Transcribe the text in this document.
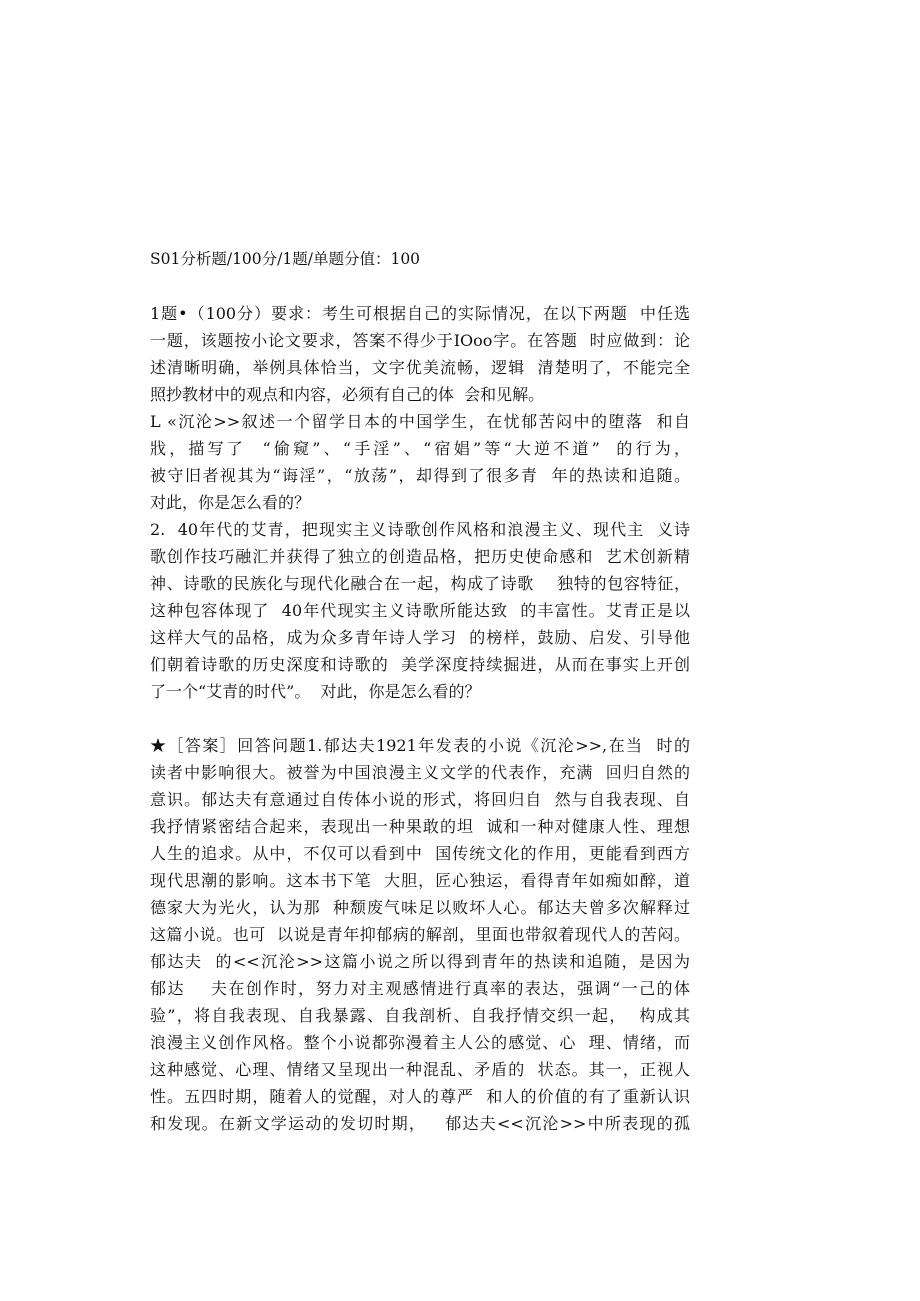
S01分析题/100分/1题/单题分值：100
1题•（100分）要求：考生可根据自己的实际情况，在以下两题  中任选
一题，该题按小论文要求，答案不得少于IOoo字。在答题  时应做到：论
述清晰明确，举例具体恰当，文字优美流畅，逻辑  清楚明了，不能完全
照抄教材中的观点和内容，必须有自己的体  会和见解。
L «沉沦>>叙述一个留学日本的中国学生，在忧郁苦闷中的堕落  和自
戕，描写了  “偷窥”、“手淫”、“宿娼”等“大逆不道”  的行为，
被守旧者视其为“诲淫”，“放荡”，却得到了很多青  年的热读和追随。
对此，你是怎么看的？
2.  40年代的艾青，把现实主义诗歌创作风格和浪漫主义、现代主  义诗
歌创作技巧融汇并获得了独立的创造品格，把历史使命感和  艺术创新精
神、诗歌的民族化与现代化融合在一起，构成了诗歌    独特的包容特征，
这种包容体现了  40年代现实主义诗歌所能达致  的丰富性。艾青正是以
这样大气的品格，成为众多青年诗人学习  的榜样，鼓励、启发、引导他
们朝着诗歌的历史深度和诗歌的  美学深度持续掘进，从而在事实上开创
了一个“艾青的时代”。  对此，你是怎么看的？
★［答案］回答问题1.郁达夫1921年发表的小说《沉沦>>,在当  时的
读者中影响很大。被誉为中国浪漫主义文学的代表作，充满  回归自然的
意识。郁达夫有意通过自传体小说的形式，将回归自  然与自我表现、自
我抒情紧密结合起来，表现出一种果敢的坦  诚和一种对健康人性、理想
人生的追求。从中，不仅可以看到中  国传统文化的作用，更能看到西方
现代思潮的影响。这本书下笔  大胆，匠心独运，看得青年如痴如醉，道
德家大为光火，认为那  种颓废气味足以败坏人心。郁达夫曾多次解释过
这篇小说。也可  以说是青年抑郁病的解剖，里面也带叙着现代人的苦闷。
郁达夫  的<<沉沦>>这篇小说之所以得到青年的热读和追随，是因为
郁达    夫在创作时，努力对主观感情进行真率的表达，强调“一己的体
验”，将自我表现、自我暴露、自我剖析、自我抒情交织一起，  构成其
浪漫主义创作风格。整个小说都弥漫着主人公的感觉、心  理、情绪，而
这种感觉、心理、情绪又呈现出一种混乱、矛盾的  状态。其一，正视人
性。五四时期，随着人的觉醒，对人的尊严  和人的价值的有了重新认识
和发现。在新文学运动的发切时期，   郁达夫<<沉沦>>中所表现的孤
